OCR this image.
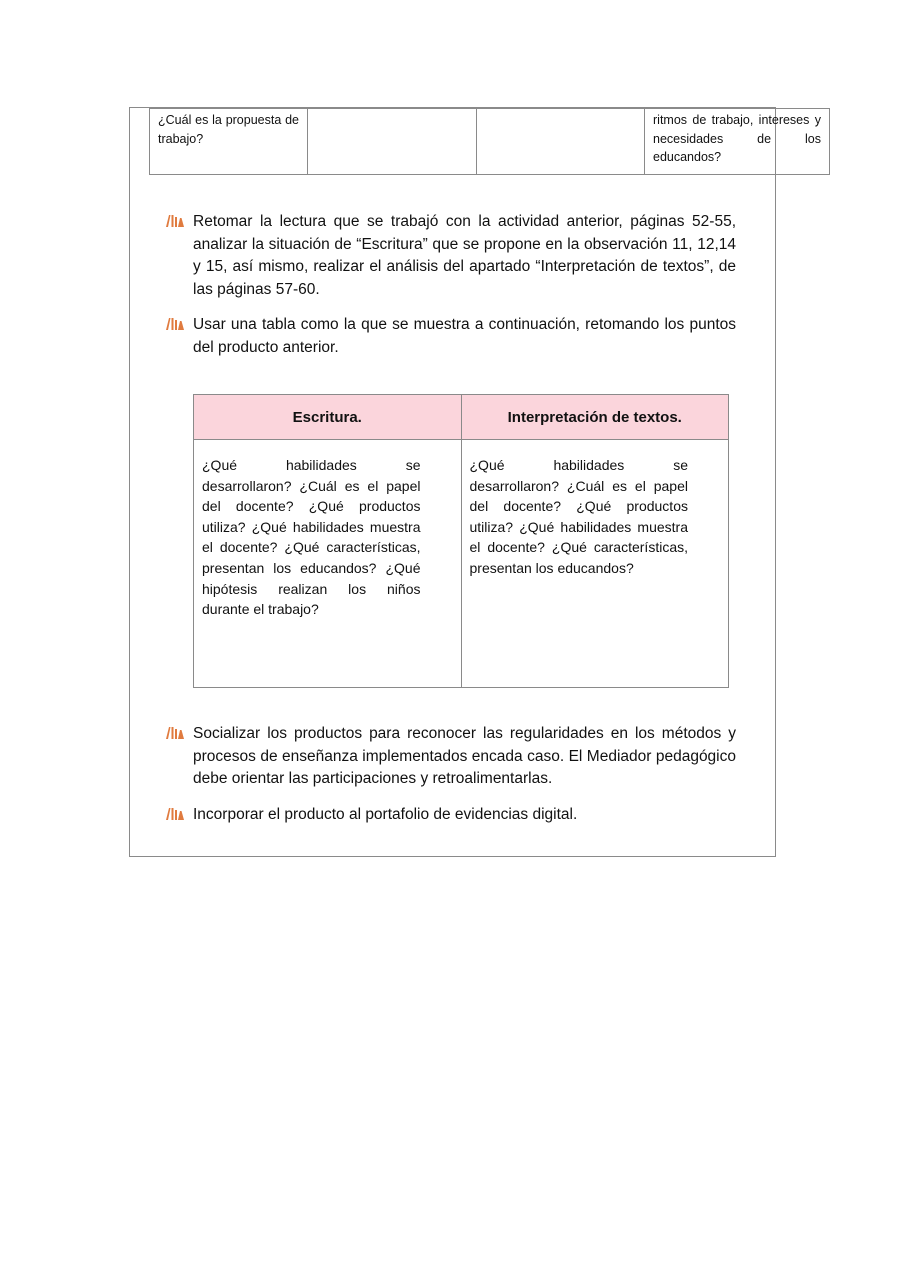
¿Cuál es la propuesta de trabajo?			ritmos de trabajo, intereses y necesidades de los educandos?
Retomar la lectura que se trabajó con la actividad anterior, páginas 52-55, analizar la situación de “Escritura” que se propone en la observación 11, 12,14 y 15, así mismo, realizar el análisis del apartado “Interpretación de textos”, de las páginas 57-60.
Usar una tabla como la que se muestra a continuación, retomando los puntos del producto anterior.
Escritura.	Interpretación de textos.
¿Qué habilidades se desarrollaron? ¿Cuál es el papel del docente? ¿Qué productos utiliza? ¿Qué habilidades muestra el docente? ¿Qué características, presentan los educandos? ¿Qué hipótesis realizan los niños durante el trabajo?	¿Qué habilidades se desarrollaron? ¿Cuál es el papel del docente? ¿Qué productos utiliza? ¿Qué habilidades muestra el docente? ¿Qué características, presentan los educandos?
Socializar los productos para reconocer las regularidades en los métodos y procesos de enseñanza implementados encada caso. El Mediador pedagógico debe orientar las participaciones y retroalimentarlas.
Incorporar el producto al portafolio de evidencias digital.
